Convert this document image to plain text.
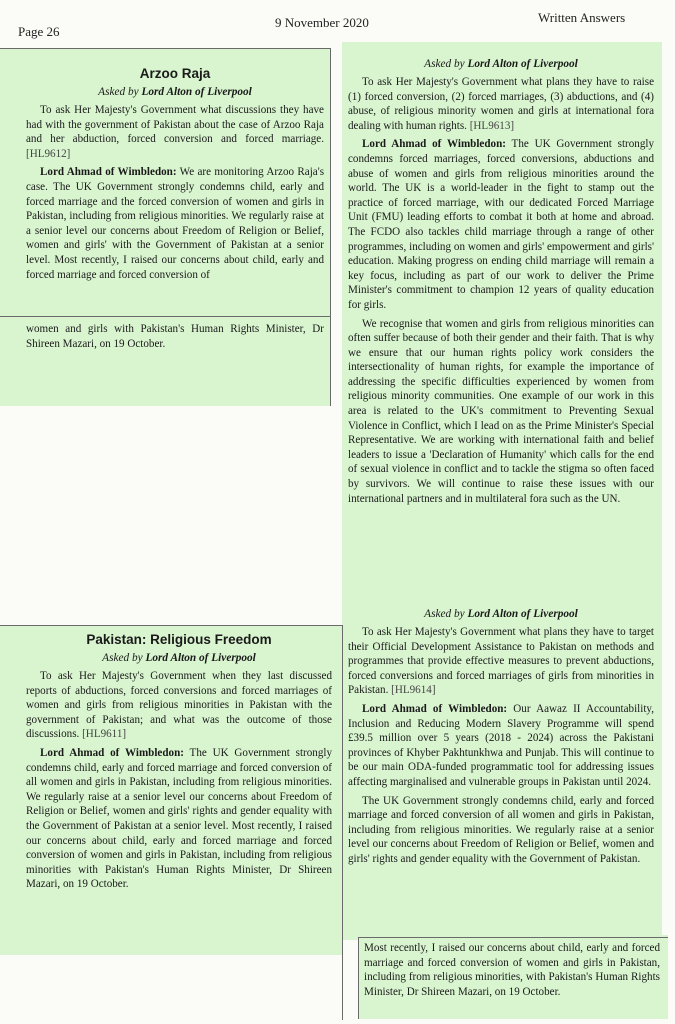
Page 26
9 November 2020	Written Answers
Arzoo Raja
Asked by Lord Alton of Liverpool

To ask Her Majesty's Government what discussions they have had with the government of Pakistan about the case of Arzoo Raja and her abduction, forced conversion and forced marriage. [HL9612]

Lord Ahmad of Wimbledon: We are monitoring Arzoo Raja's case. The UK Government strongly condemns child, early and forced marriage and the forced conversion of women and girls in Pakistan, including from religious minorities. We regularly raise at a senior level our concerns about Freedom of Religion or Belief, women and girls' with the Government of Pakistan at a senior level. Most recently, I raised our concerns about child, early and forced marriage and forced conversion of

women and girls with Pakistan's Human Rights Minister, Dr Shireen Mazari, on 19 October.

Pakistan: Religious Freedom
Asked by Lord Alton of Liverpool

To ask Her Majesty's Government when they last discussed reports of abductions, forced conversions and forced marriages of women and girls from religious minorities in Pakistan with the government of Pakistan; and what was the outcome of those discussions. [HL9611]

Lord Ahmad of Wimbledon: The UK Government strongly condemns child, early and forced marriage and forced conversion of all women and girls in Pakistan, including from religious minorities. We regularly raise at a senior level our concerns about Freedom of Religion or Belief, women and girls' rights and gender equality with the Government of Pakistan at a senior level. Most recently, I raised our concerns about child, early and forced marriage and forced conversion of women and girls in Pakistan, including from religious minorities with Pakistan's Human Rights Minister, Dr Shireen Mazari, on 19 October.

Asked by Lord Alton of Liverpool

To ask Her Majesty's Government what plans they have to raise (1) forced conversion, (2) forced marriages, (3) abductions, and (4) abuse, of religious minority women and girls at international fora dealing with human rights. [HL9613]

Lord Ahmad of Wimbledon: The UK Government strongly condemns forced marriages, forced conversions, abductions and abuse of women and girls from religious minorities around the world. The UK is a world-leader in the fight to stamp out the practice of forced marriage, with our dedicated Forced Marriage Unit (FMU) leading efforts to combat it both at home and abroad. The FCDO also tackles child marriage through a range of other programmes, including on women and girls' empowerment and girls' education. Making progress on ending child marriage will remain a key focus, including as part of our work to deliver the Prime Minister's commitment to champion 12 years of quality education for girls.

We recognise that women and girls from religious minorities can often suffer because of both their gender and their faith. That is why we ensure that our human rights policy work considers the intersectionality of human rights, for example the importance of addressing the specific difficulties experienced by women from religious minority communities. One example of our work in this area is related to the UK's commitment to Preventing Sexual Violence in Conflict, which I lead on as the Prime Minister's Special Representative. We are working with international faith and belief leaders to issue a 'Declaration of Humanity' which calls for the end of sexual violence in conflict and to tackle the stigma so often faced by survivors. We will continue to raise these issues with our international partners and in multilateral fora such as the UN.

Asked by Lord Alton of Liverpool

To ask Her Majesty's Government what plans they have to target their Official Development Assistance to Pakistan on methods and programmes that provide effective measures to prevent abductions, forced conversions and forced marriages of girls from minorities in Pakistan. [HL9614]

Lord Ahmad of Wimbledon: Our Aawaz II Accountability, Inclusion and Reducing Modern Slavery Programme will spend £39.5 million over 5 years (2018 - 2024) across the Pakistani provinces of Khyber Pakhtunkhwa and Punjab. This will continue to be our main ODA-funded programmatic tool for addressing issues affecting marginalised and vulnerable groups in Pakistan until 2024.

The UK Government strongly condemns child, early and forced marriage and forced conversion of all women and girls in Pakistan, including from religious minorities. We regularly raise at a senior level our concerns about Freedom of Religion or Belief, women and girls' rights and gender equality with the Government of Pakistan.

Most recently, I raised our concerns about child, early and forced marriage and forced conversion of women and girls in Pakistan, including from religious minorities, with Pakistan's Human Rights Minister, Dr Shireen Mazari, on 19 October.
